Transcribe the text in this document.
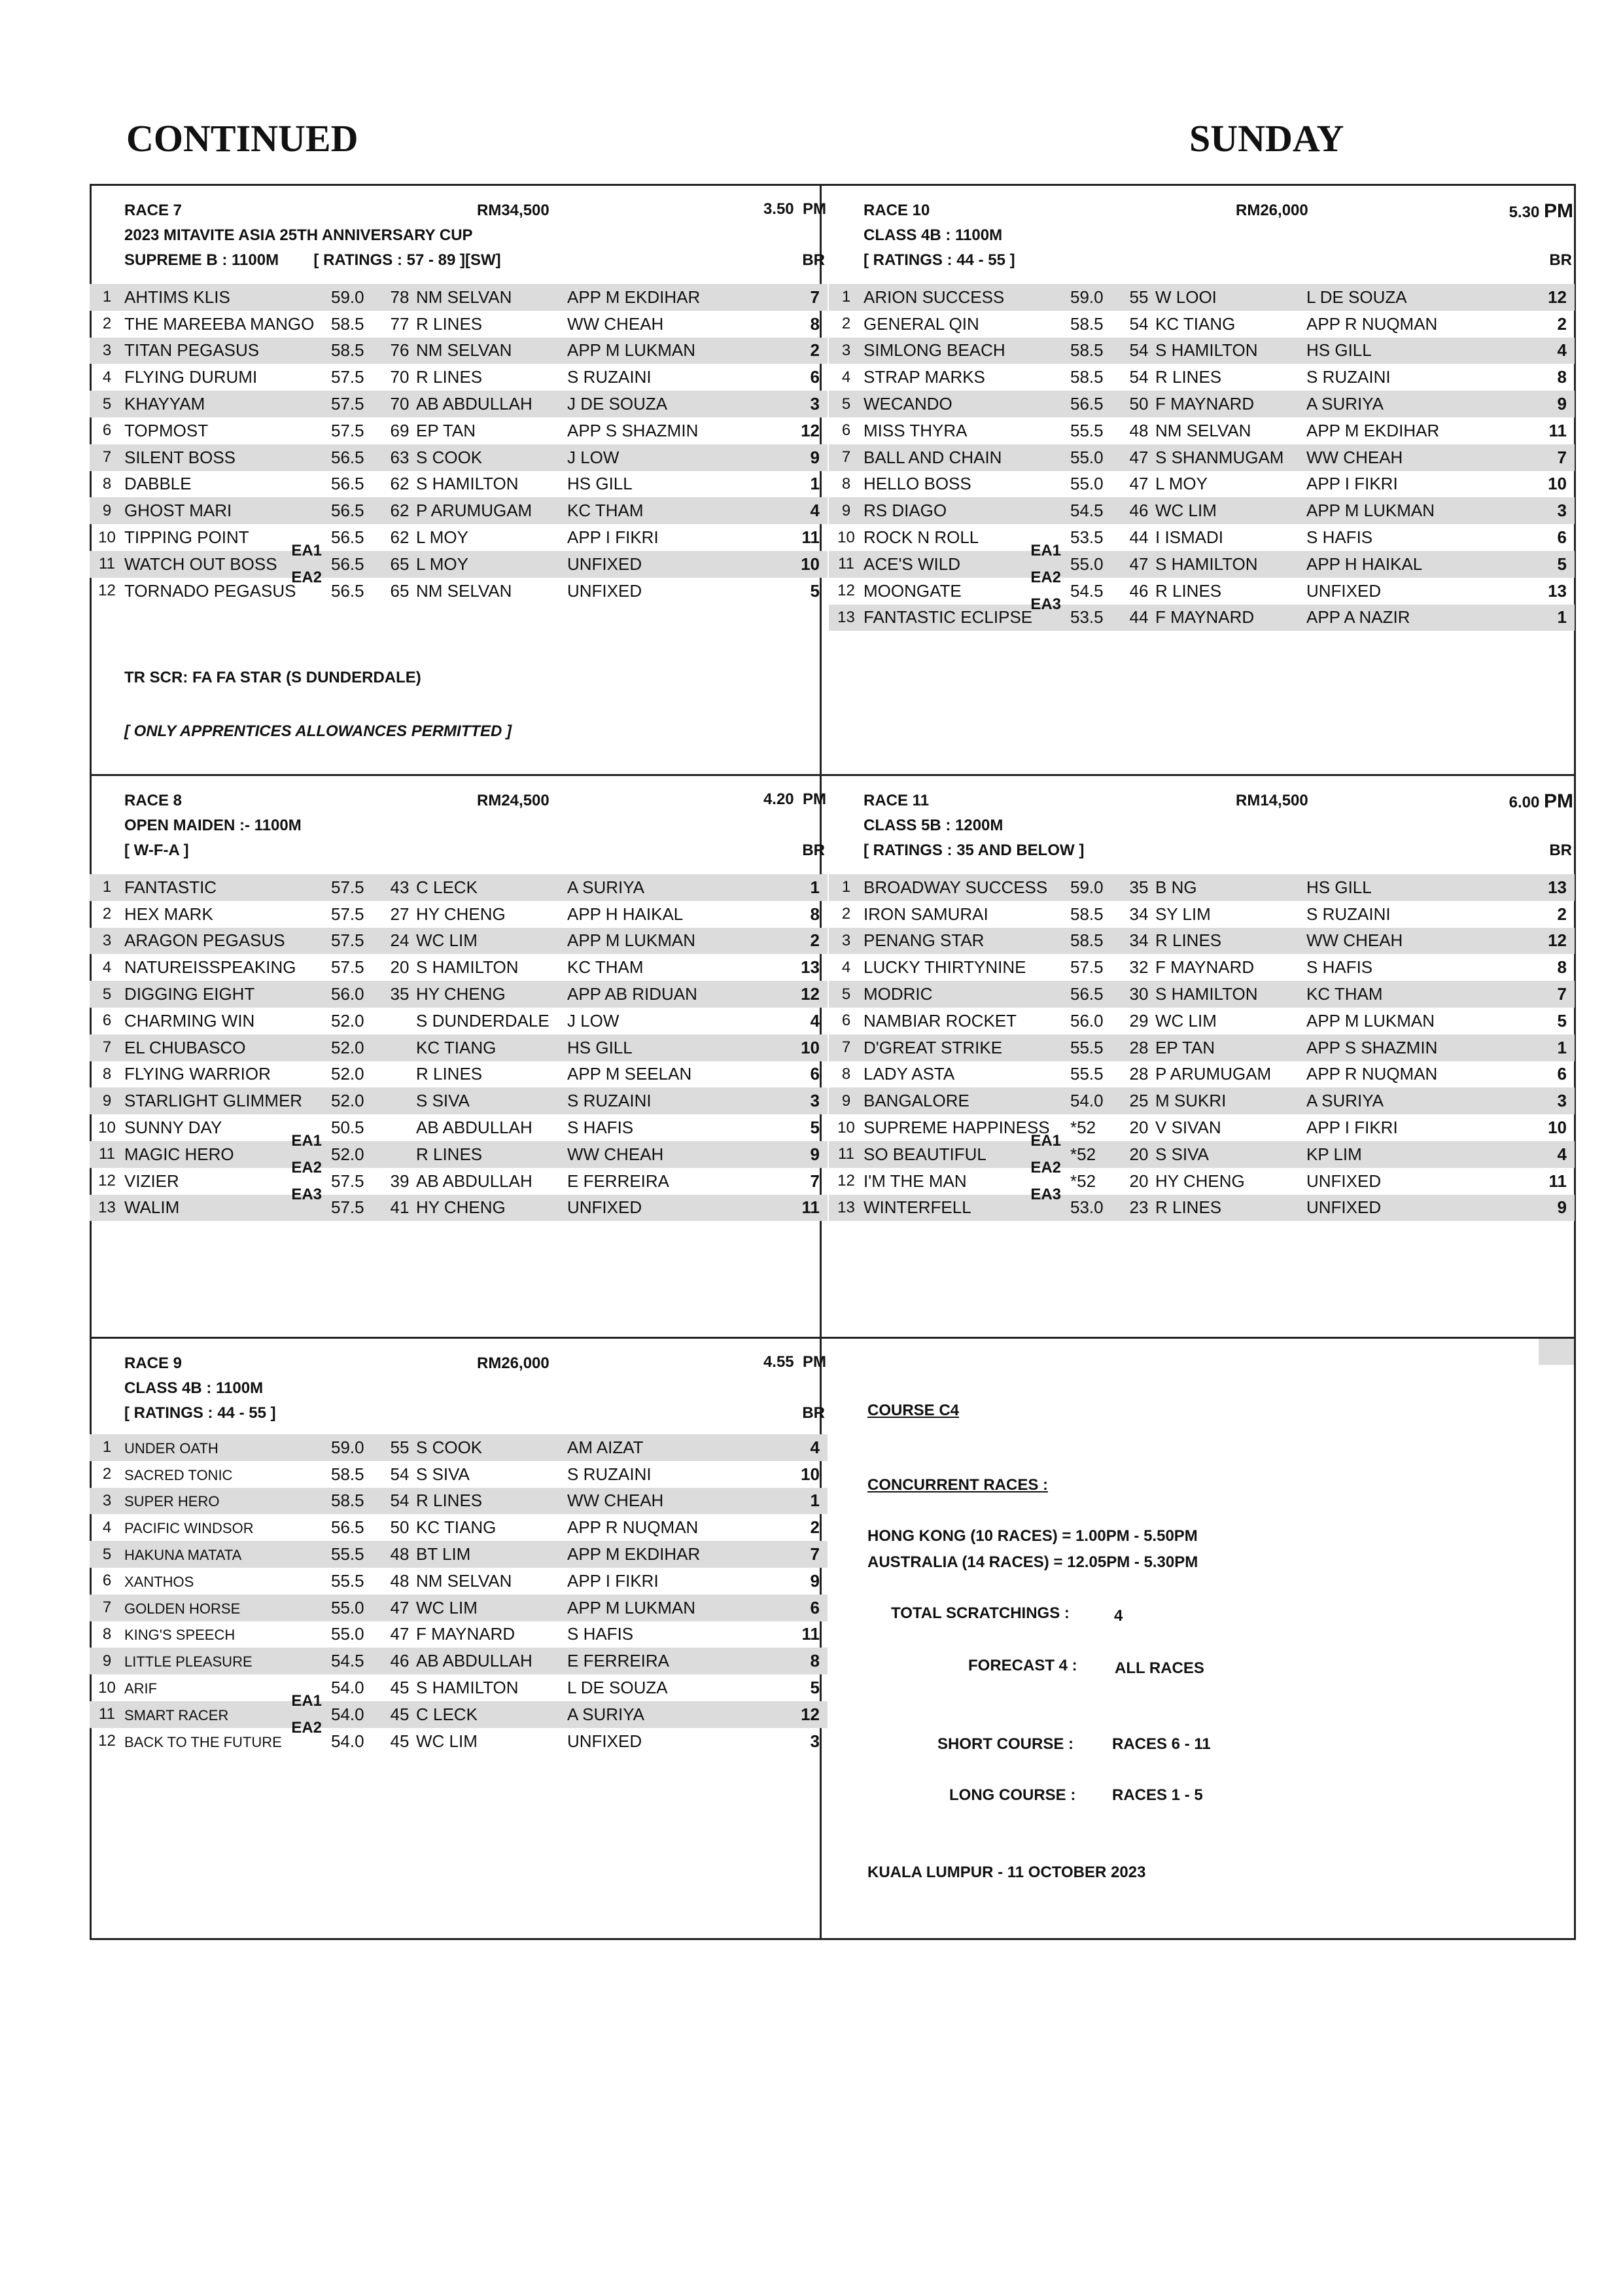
CONTINUED	SUNDAY
RACE 7	RM34,500	3.50 PM
2023 MITAVITE ASIA 25TH ANNIVERSARY CUP
SUPREME B : 1100M        [ RATINGS : 57 - 89 ][SW]	BR
1	AHTIMS KLIS		59.0	78	NM SELVAN	APP M EKDIHAR	7
2	THE MAREEBA MANGO		58.5	77	R LINES	WW CHEAH	8
3	TITAN PEGASUS		58.5	76	NM SELVAN	APP M LUKMAN	2
4	FLYING DURUMI		57.5	70	R LINES	S RUZAINI	6
5	KHAYYAM		57.5	70	AB ABDULLAH	J DE SOUZA	3
6	TOPMOST		57.5	69	EP TAN	APP S SHAZMIN	12
7	SILENT BOSS		56.5	63	S COOK	J LOW	9
8	DABBLE		56.5	62	S HAMILTON	HS GILL	1
9	GHOST MARI		56.5	62	P ARUMUGAM	KC THAM	4
10	TIPPING POINT		56.5	62	L MOY	APP I FIKRI	11
11	WATCH OUT BOSS	EA1	56.5	65	L MOY	UNFIXED	10
12	TORNADO PEGASUS	EA2	56.5	65	NM SELVAN	UNFIXED	5
TR SCR: FA FA STAR (S DUNDERDALE)
[ ONLY APPRENTICES ALLOWANCES PERMITTED ]
RACE 10	RM26,000	5.30 PM
CLASS 4B : 1100M
[ RATINGS : 44 - 55 ]	BR
1	ARION SUCCESS		59.0	55	W LOOI	L DE SOUZA	12
2	GENERAL QIN		58.5	54	KC TIANG	APP R NUQMAN	2
3	SIMLONG BEACH		58.5	54	S HAMILTON	HS GILL	4
4	STRAP MARKS		58.5	54	R LINES	S RUZAINI	8
5	WECANDO		56.5	50	F MAYNARD	A SURIYA	9
6	MISS THYRA		55.5	48	NM SELVAN	APP M EKDIHAR	11
7	BALL AND CHAIN		55.0	47	S SHANMUGAM	WW CHEAH	7
8	HELLO BOSS		55.0	47	L MOY	APP I FIKRI	10
9	RS DIAGO		54.5	46	WC LIM	APP M LUKMAN	3
10	ROCK N ROLL		53.5	44	I ISMADI	S HAFIS	6
11	ACE'S WILD	EA1	55.0	47	S HAMILTON	APP H HAIKAL	5
12	MOONGATE	EA2	54.5	46	R LINES	UNFIXED	13
13	FANTASTIC ECLIPSE	EA3	53.5	44	F MAYNARD	APP A NAZIR	1
RACE 8	RM24,500	4.20 PM
OPEN MAIDEN :- 1100M
[ W-F-A ]	BR
1	FANTASTIC		57.5	43	C LECK	A SURIYA	1
2	HEX MARK		57.5	27	HY CHENG	APP H HAIKAL	8
3	ARAGON PEGASUS		57.5	24	WC LIM	APP M LUKMAN	2
4	NATUREISSPEAKING		57.5	20	S HAMILTON	KC THAM	13
5	DIGGING EIGHT		56.0	35	HY CHENG	APP AB RIDUAN	12
6	CHARMING WIN		52.0		S DUNDERDALE	J LOW	4
7	EL CHUBASCO		52.0		KC TIANG	HS GILL	10
8	FLYING WARRIOR		52.0		R LINES	APP M SEELAN	6
9	STARLIGHT GLIMMER		52.0		S SIVA	S RUZAINI	3
10	SUNNY DAY		50.5		AB ABDULLAH	S HAFIS	5
11	MAGIC HERO	EA1	52.0		R LINES	WW CHEAH	9
12	VIZIER	EA2	57.5	39	AB ABDULLAH	E FERREIRA	7
13	WALIM	EA3	57.5	41	HY CHENG	UNFIXED	11
RACE 11	RM14,500	6.00 PM
CLASS 5B : 1200M
[ RATINGS : 35 AND BELOW ]	BR
1	BROADWAY SUCCESS		59.0	35	B NG	HS GILL	13
2	IRON SAMURAI		58.5	34	SY LIM	S RUZAINI	2
3	PENANG STAR		58.5	34	R LINES	WW CHEAH	12
4	LUCKY THIRTYNINE		57.5	32	F MAYNARD	S HAFIS	8
5	MODRIC		56.5	30	S HAMILTON	KC THAM	7
6	NAMBIAR ROCKET		56.0	29	WC LIM	APP M LUKMAN	5
7	D'GREAT STRIKE		55.5	28	EP TAN	APP S SHAZMIN	1
8	LADY ASTA		55.5	28	P ARUMUGAM	APP R NUQMAN	6
9	BANGALORE		54.0	25	M SUKRI	A SURIYA	3
10	SUPREME HAPPINESS		*52	20	V SIVAN	APP I FIKRI	10
11	SO BEAUTIFUL	EA1	*52	20	S SIVA	KP LIM	4
12	I'M THE MAN	EA2	*52	20	HY CHENG	UNFIXED	11
13	WINTERFELL	EA3	53.0	23	R LINES	UNFIXED	9
RACE 9	RM26,000	4.55 PM
CLASS 4B : 1100M
[ RATINGS : 44 - 55 ]	BR
1	UNDER OATH		59.0	55	S COOK	AM AIZAT	4
2	SACRED TONIC		58.5	54	S SIVA	S RUZAINI	10
3	SUPER HERO		58.5	54	R LINES	WW CHEAH	1
4	PACIFIC WINDSOR		56.5	50	KC TIANG	APP R NUQMAN	2
5	HAKUNA MATATA		55.5	48	BT LIM	APP M EKDIHAR	7
6	XANTHOS		55.5	48	NM SELVAN	APP I FIKRI	9
7	GOLDEN HORSE		55.0	47	WC LIM	APP M LUKMAN	6
8	KING'S SPEECH		55.0	47	F MAYNARD	S HAFIS	11
9	LITTLE PLEASURE		54.5	46	AB ABDULLAH	E FERREIRA	8
10	ARIF		54.0	45	S HAMILTON	L DE SOUZA	5
11	SMART RACER	EA1	54.0	45	C LECK	A SURIYA	12
12	BACK TO THE FUTURE	EA2	54.0	45	WC LIM	UNFIXED	3
COURSE C4
CONCURRENT RACES :
HONG KONG (10 RACES) = 1.00PM - 5.50PM
AUSTRALIA (14 RACES) = 12.05PM - 5.30PM
TOTAL SCRATCHINGS :	4
FORECAST 4 : ALL RACES
SHORT COURSE : RACES 6 - 11
LONG COURSE : RACES 1 - 5
KUALA LUMPUR - 11 OCTOBER 2023
